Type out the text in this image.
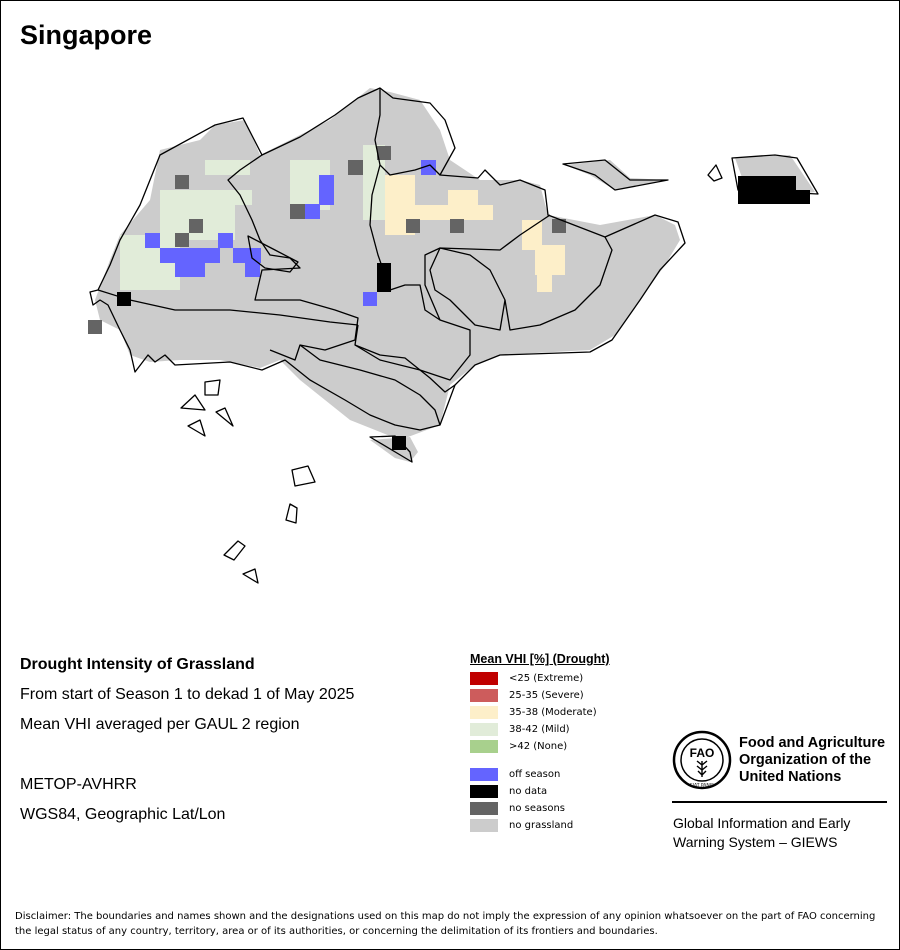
Singapore
Drought Intensity of Grassland
From start of Season 1 to dekad 1 of May 2025
Mean VHI averaged per GAUL 2 region
METOP-AVHRR
WGS84, Geographic Lat/Lon
Mean VHI [%] (Drought)
<25 (Extreme)
25-35 (Severe)
35-38 (Moderate)
38-42 (Mild)
>42 (None)
off season
no data
no seasons
no grassland
FAO
FIAT PANIS
Food and Agriculture
Organization of the
United Nations
Global Information and Early
Warning System – GIEWS
Disclaimer: The boundaries and names shown and the designations used on this map do not imply the expression of any opinion whatsoever on the part of FAO concerning the legal status of any country, territory, area or of its authorities, or concerning the delimitation of its frontiers and boundaries.
